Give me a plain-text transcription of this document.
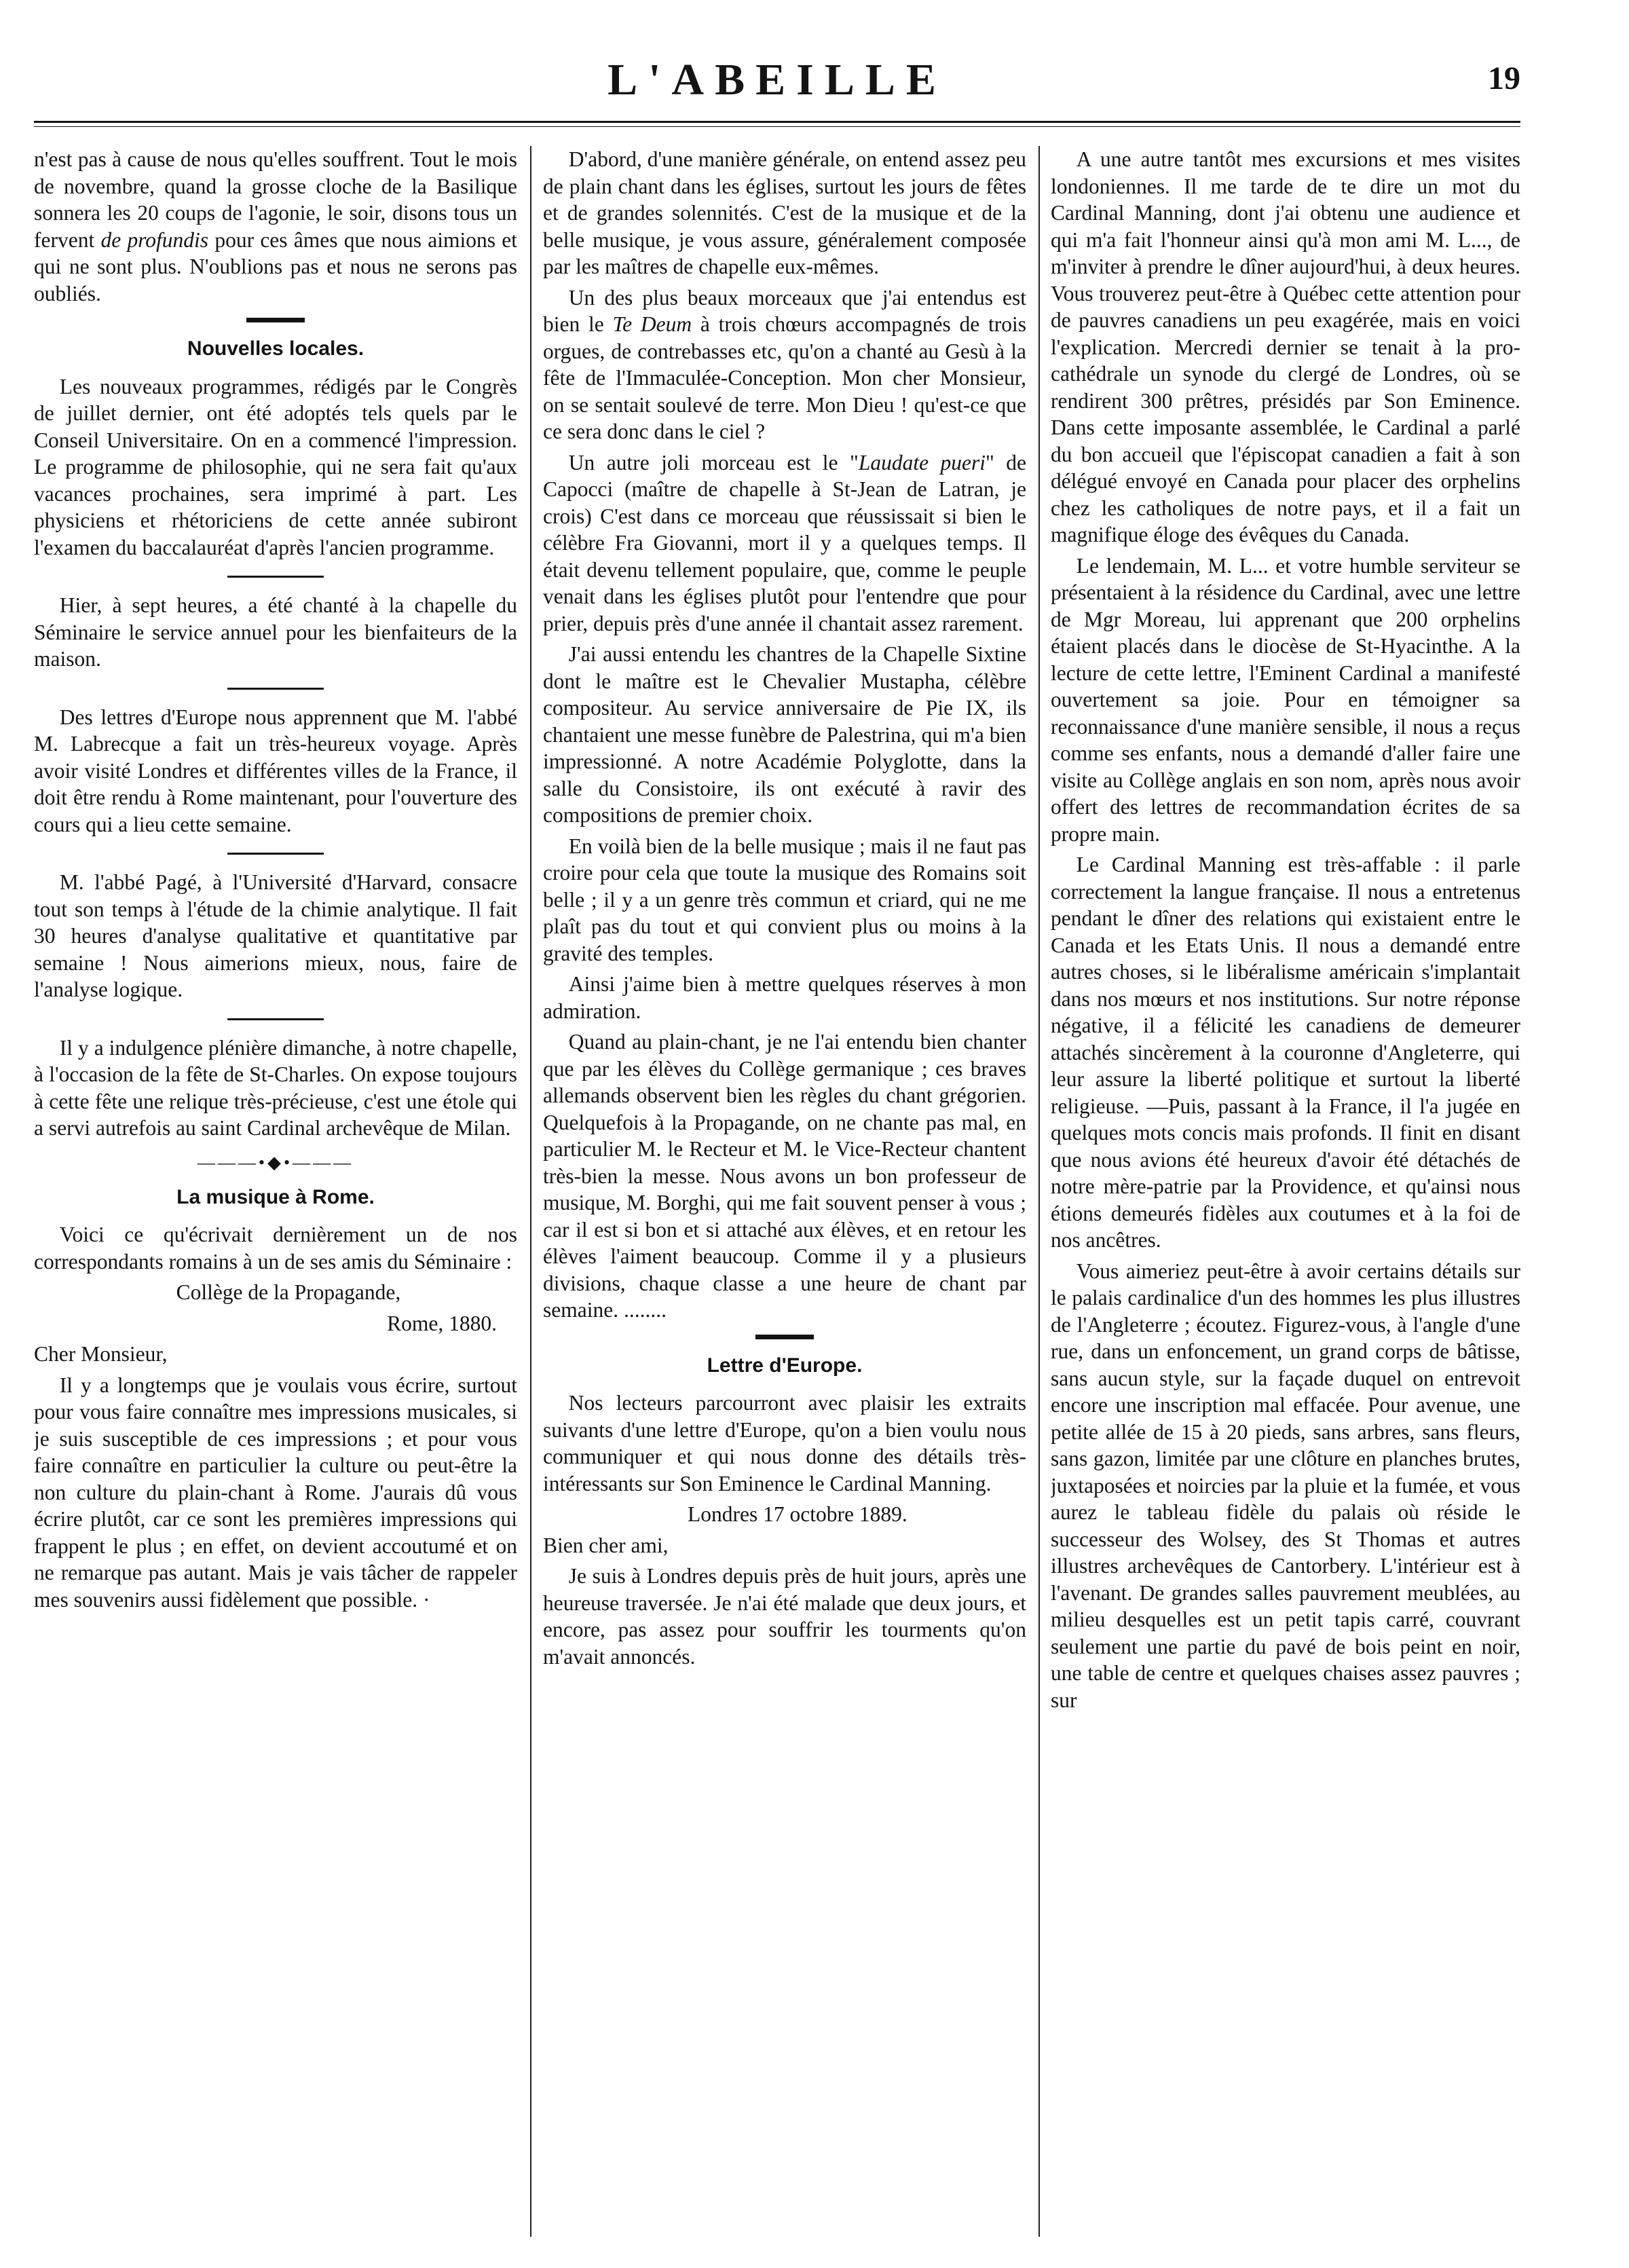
L'ABEILLE	19

n'est pas à cause de nous qu'elles souffrent. Tout le mois de novembre, quand la grosse cloche de la Basilique sonnera les 20 coups de l'agonie, le soir, disons tous un fervent de profundis pour ces âmes que nous aimions et qui ne sont plus. N'oublions pas et nous ne serons pas oubliés.

Nouvelles locales.

Les nouveaux programmes, rédigés par le Congrès de juillet dernier, ont été adoptés tels quels par le Conseil Universitaire. On en a commencé l'impression. Le programme de philosophie, qui ne sera fait qu'aux vacances prochaines, sera imprimé à part. Les physiciens et rhétoriciens de cette année subiront l'examen du baccalauréat d'après l'ancien programme.

Hier, à sept heures, a été chanté à la chapelle du Séminaire le service annuel pour les bienfaiteurs de la maison.

Des lettres d'Europe nous apprennent que M. l'abbé M. Labrecque a fait un très-heureux voyage. Après avoir visité Londres et différentes villes de la France, il doit être rendu à Rome maintenant, pour l'ouverture des cours qui a lieu cette semaine.

M. l'abbé Pagé, à l'Université d'Harvard, consacre tout son temps à l'étude de la chimie analytique. Il fait 30 heures d'analyse qualitative et quantitative par semaine ! Nous aimerions mieux, nous, faire de l'analyse logique.

Il y a indulgence plénière dimanche, à notre chapelle, à l'occasion de la fête de St-Charles. On expose toujours à cette fête une relique très-précieuse, c'est une étole qui a servi autrefois au saint Cardinal archevêque de Milan.

———•◆•———
La musique à Rome.

Voici ce qu'écrivait dernièrement un de nos correspondants romains à un de ses amis du Séminaire :

Collège de la Propagande,

Rome, 1880.

Cher Monsieur,

Il y a longtemps que je voulais vous écrire, surtout pour vous faire connaître mes impressions musicales, si je suis susceptible de ces impressions ; et pour vous faire connaître en particulier la culture ou peut-être la non culture du plain-chant à Rome. J'aurais dû vous écrire plutôt, car ce sont les premières impressions qui frappent le plus ; en effet, on devient accoutumé et on ne remarque pas autant. Mais je vais tâcher de rappeler mes souvenirs aussi fidèlement que possible. ·

D'abord, d'une manière générale, on entend assez peu de plain chant dans les églises, surtout les jours de fêtes et de grandes solennités. C'est de la musique et de la belle musique, je vous assure, généralement composée par les maîtres de chapelle eux-mêmes.

Un des plus beaux morceaux que j'ai entendus est bien le Te Deum à trois chœurs accompagnés de trois orgues, de contrebasses etc, qu'on a chanté au Gesù à la fête de l'Immaculée-Conception. Mon cher Monsieur, on se sentait soulevé de terre. Mon Dieu ! qu'est-ce que ce sera donc dans le ciel ?

Un autre joli morceau est le "Laudate pueri" de Capocci (maître de chapelle à St-Jean de Latran, je crois) C'est dans ce morceau que réussissait si bien le célèbre Fra Giovanni, mort il y a quelques temps. Il était devenu tellement populaire, que, comme le peuple venait dans les églises plutôt pour l'entendre que pour prier, depuis près d'une année il chantait assez rarement.

J'ai aussi entendu les chantres de la Chapelle Sixtine dont le maître est le Chevalier Mustapha, célèbre compositeur. Au service anniversaire de Pie IX, ils chantaient une messe funèbre de Palestrina, qui m'a bien impressionné. A notre Académie Polyglotte, dans la salle du Consistoire, ils ont exécuté à ravir des compositions de premier choix.

En voilà bien de la belle musique ; mais il ne faut pas croire pour cela que toute la musique des Romains soit belle ; il y a un genre très commun et criard, qui ne me plaît pas du tout et qui convient plus ou moins à la gravité des temples.

Ainsi j'aime bien à mettre quelques réserves à mon admiration.

Quand au plain-chant, je ne l'ai entendu bien chanter que par les élèves du Collège germanique ; ces braves allemands observent bien les règles du chant grégorien. Quelquefois à la Propagande, on ne chante pas mal, en particulier M. le Recteur et M. le Vice-Recteur chantent très-bien la messe. Nous avons un bon professeur de musique, M. Borghi, qui me fait souvent penser à vous ; car il est si bon et si attaché aux élèves, et en retour les élèves l'aiment beaucoup. Comme il y a plusieurs divisions, chaque classe a une heure de chant par semaine. ........

Lettre d'Europe.

Nos lecteurs parcourront avec plaisir les extraits suivants d'une lettre d'Europe, qu'on a bien voulu nous communiquer et qui nous donne des détails très-intéressants sur Son Eminence le Cardinal Manning.

Londres 17 octobre 1889.

Bien cher ami,

Je suis à Londres depuis près de huit jours, après une heureuse traversée. Je n'ai été malade que deux jours, et encore, pas assez pour souffrir les tourments qu'on m'avait annoncés.

A une autre tantôt mes excursions et mes visites londoniennes. Il me tarde de te dire un mot du Cardinal Manning, dont j'ai obtenu une audience et qui m'a fait l'honneur ainsi qu'à mon ami M. L..., de m'inviter à prendre le dîner aujourd'hui, à deux heures. Vous trouverez peut-être à Québec cette attention pour de pauvres canadiens un peu exagérée, mais en voici l'explication. Mercredi dernier se tenait à la pro-cathédrale un synode du clergé de Londres, où se rendirent 300 prêtres, présidés par Son Eminence. Dans cette imposante assemblée, le Cardinal a parlé du bon accueil que l'épiscopat canadien a fait à son délégué envoyé en Canada pour placer des orphelins chez les catholiques de notre pays, et il a fait un magnifique éloge des évêques du Canada.

Le lendemain, M. L... et votre humble serviteur se présentaient à la résidence du Cardinal, avec une lettre de Mgr Moreau, lui apprenant que 200 orphelins étaient placés dans le diocèse de St-Hyacinthe. A la lecture de cette lettre, l'Eminent Cardinal a manifesté ouvertement sa joie. Pour en témoigner sa reconnaissance d'une manière sensible, il nous a reçus comme ses enfants, nous a demandé d'aller faire une visite au Collège anglais en son nom, après nous avoir offert des lettres de recommandation écrites de sa propre main.

Le Cardinal Manning est très-affable : il parle correctement la langue française. Il nous a entretenus pendant le dîner des relations qui existaient entre le Canada et les Etats Unis. Il nous a demandé entre autres choses, si le libéralisme américain s'implantait dans nos mœurs et nos institutions. Sur notre réponse négative, il a félicité les canadiens de demeurer attachés sincèrement à la couronne d'Angleterre, qui leur assure la liberté politique et surtout la liberté religieuse. —Puis, passant à la France, il l'a jugée en quelques mots concis mais profonds. Il finit en disant que nous avions été heureux d'avoir été détachés de notre mère-patrie par la Providence, et qu'ainsi nous étions demeurés fidèles aux coutumes et à la foi de nos ancêtres.

Vous aimeriez peut-être à avoir certains détails sur le palais cardinalice d'un des hommes les plus illustres de l'Angleterre ; écoutez. Figurez-vous, à l'angle d'une rue, dans un enfoncement, un grand corps de bâtisse, sans aucun style, sur la façade duquel on entrevoit encore une inscription mal effacée. Pour avenue, une petite allée de 15 à 20 pieds, sans arbres, sans fleurs, sans gazon, limitée par une clôture en planches brutes, juxtaposées et noircies par la pluie et la fumée, et vous aurez le tableau fidèle du palais où réside le successeur des Wolsey, des St Thomas et autres illustres archevêques de Cantorbery. L'intérieur est à l'avenant. De grandes salles pauvrement meublées, au milieu desquelles est un petit tapis carré, couvrant seulement une partie du pavé de bois peint en noir, une table de centre et quelques chaises assez pauvres ; sur
